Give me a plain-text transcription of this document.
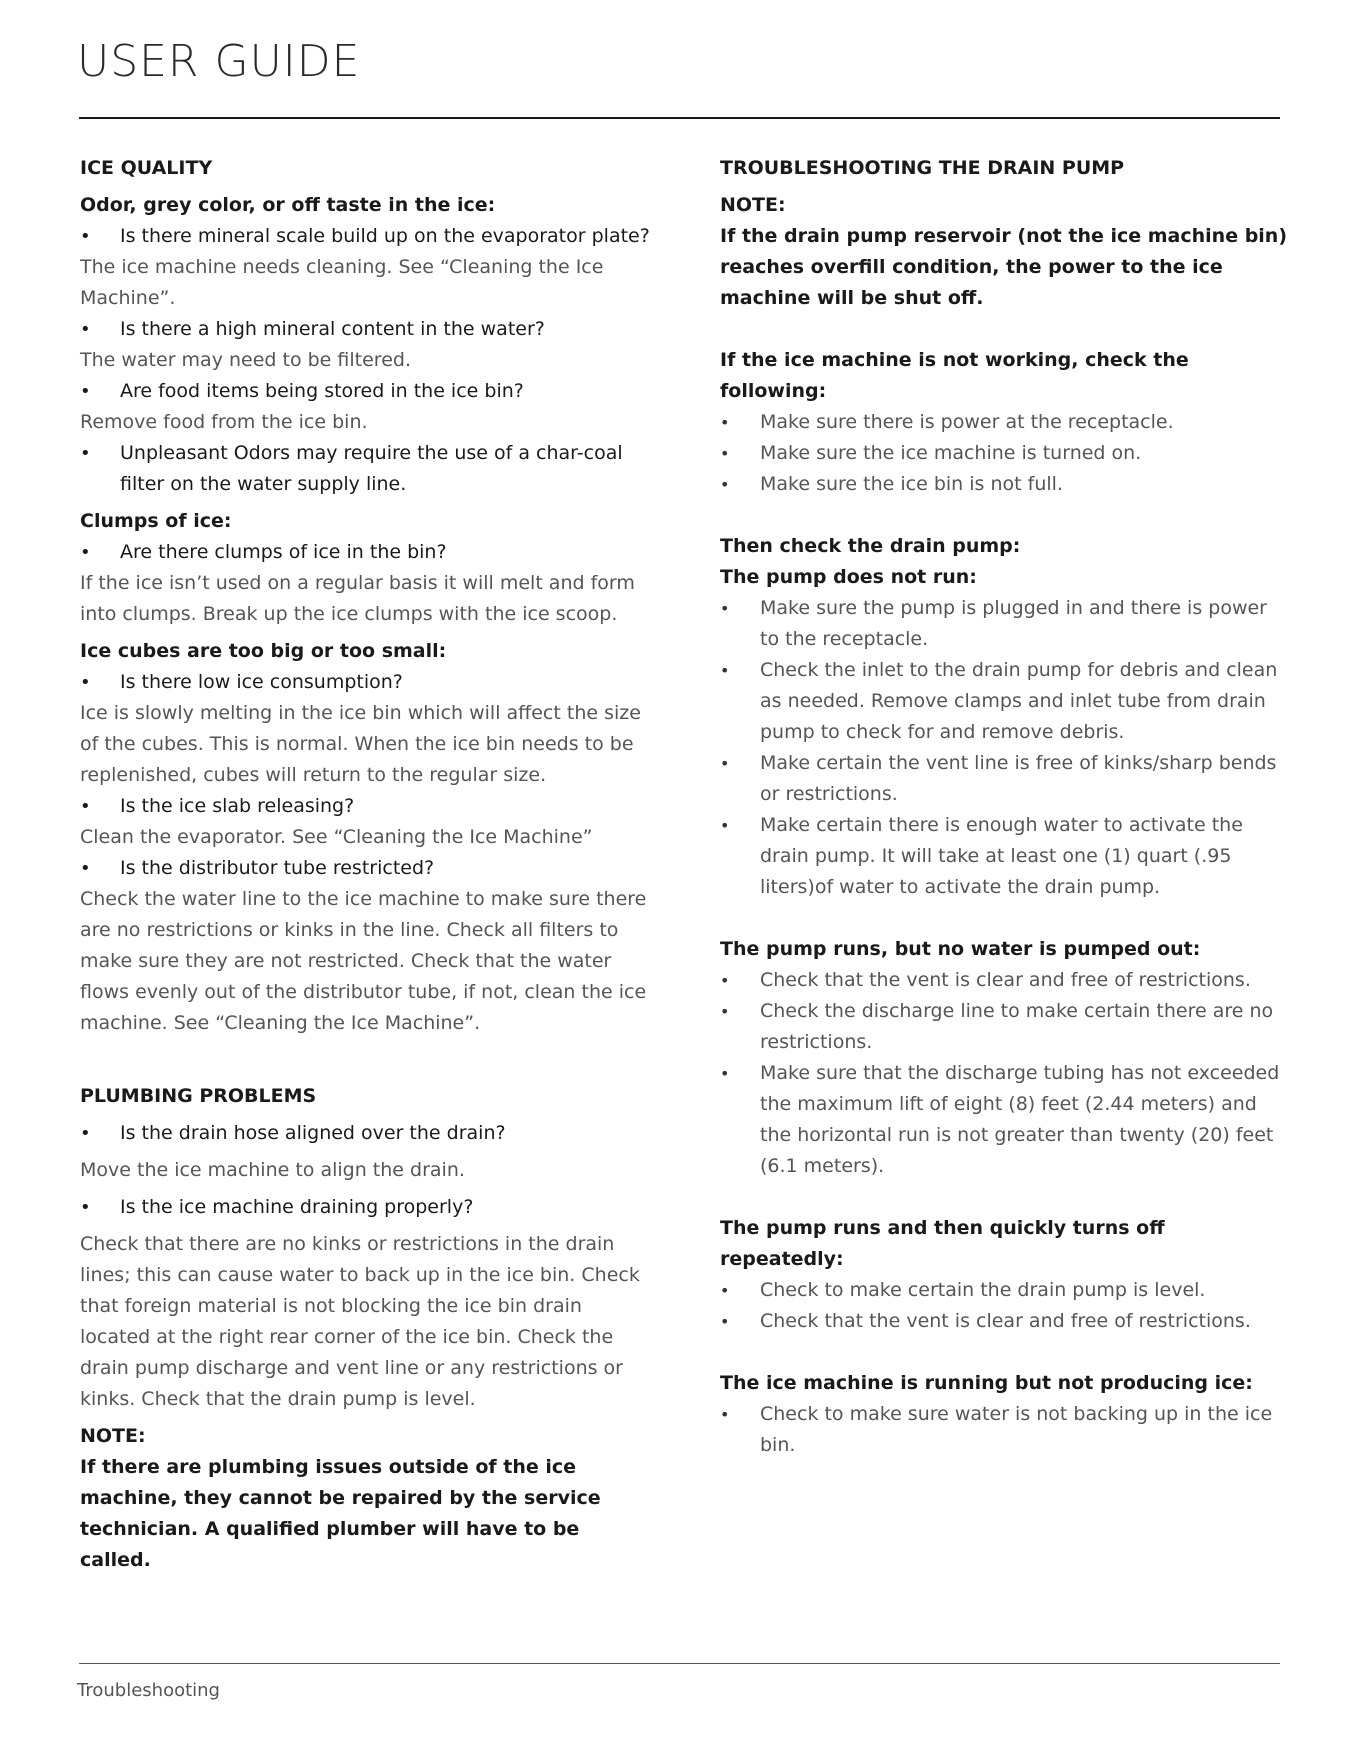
USER GUIDE
ICE QUALITY
Odor, grey color, or off taste in the ice:
• Is there mineral scale build up on the evaporator plate?
The ice machine needs cleaning. See “Cleaning the Ice Machine”.
• Is there a high mineral content in the water?
The water may need to be filtered.
• Are food items being stored in the ice bin?
Remove food from the ice bin.
• Unpleasant Odors may require the use of a char-coal filter on the water supply line.
Clumps of ice:
• Are there clumps of ice in the bin?
If the ice isn’t used on a regular basis it will melt and form into clumps. Break up the ice clumps with the ice scoop.
Ice cubes are too big or too small:
• Is there low ice consumption?
Ice is slowly melting in the ice bin which will affect the size of the cubes. This is normal. When the ice bin needs to be replenished, cubes will return to the regular size.
• Is the ice slab releasing?
Clean the evaporator. See “Cleaning the Ice Machine”
• Is the distributor tube restricted?
Check the water line to the ice machine to make sure there are no restrictions or kinks in the line. Check all filters to make sure they are not restricted. Check that the water flows evenly out of the distributor tube, if not, clean the ice machine. See “Cleaning the Ice Machine”.
PLUMBING PROBLEMS
• Is the drain hose aligned over the drain?
Move the ice machine to align the drain.
• Is the ice machine draining properly?
Check that there are no kinks or restrictions in the drain lines; this can cause water to back up in the ice bin. Check that foreign material is not blocking the ice bin drain located at the right rear corner of the ice bin. Check the drain pump discharge and vent line or any restrictions or kinks. Check that the drain pump is level.
NOTE:
If there are plumbing issues outside of the ice machine, they cannot be repaired by the service technician. A qualified plumber will have to be called.
TROUBLESHOOTING THE DRAIN PUMP
NOTE:
If the drain pump reservoir (not the ice machine bin) reaches overfill condition, the power to the ice machine will be shut off.
If the ice machine is not working, check the following:
• Make sure there is power at the receptacle.
• Make sure the ice machine is turned on.
• Make sure the ice bin is not full.
Then check the drain pump:
The pump does not run:
• Make sure the pump is plugged in and there is power to the receptacle.
• Check the inlet to the drain pump for debris and clean as needed. Remove clamps and inlet tube from drain pump to check for and remove debris.
• Make certain the vent line is free of kinks/sharp bends or restrictions.
• Make certain there is enough water to activate the drain pump. It will take at least one (1) quart (.95 liters)of water to activate the drain pump.
The pump runs, but no water is pumped out:
• Check that the vent is clear and free of restrictions.
• Check the discharge line to make certain there are no restrictions.
• Make sure that the discharge tubing has not exceeded the maximum lift of eight (8) feet (2.44 meters) and the horizontal run is not greater than twenty (20) feet (6.1 meters).
The pump runs and then quickly turns off repeatedly:
• Check to make certain the drain pump is level.
• Check that the vent is clear and free of restrictions.
The ice machine is running but not producing ice:
• Check to make sure water is not backing up in the ice bin.
Troubleshooting
